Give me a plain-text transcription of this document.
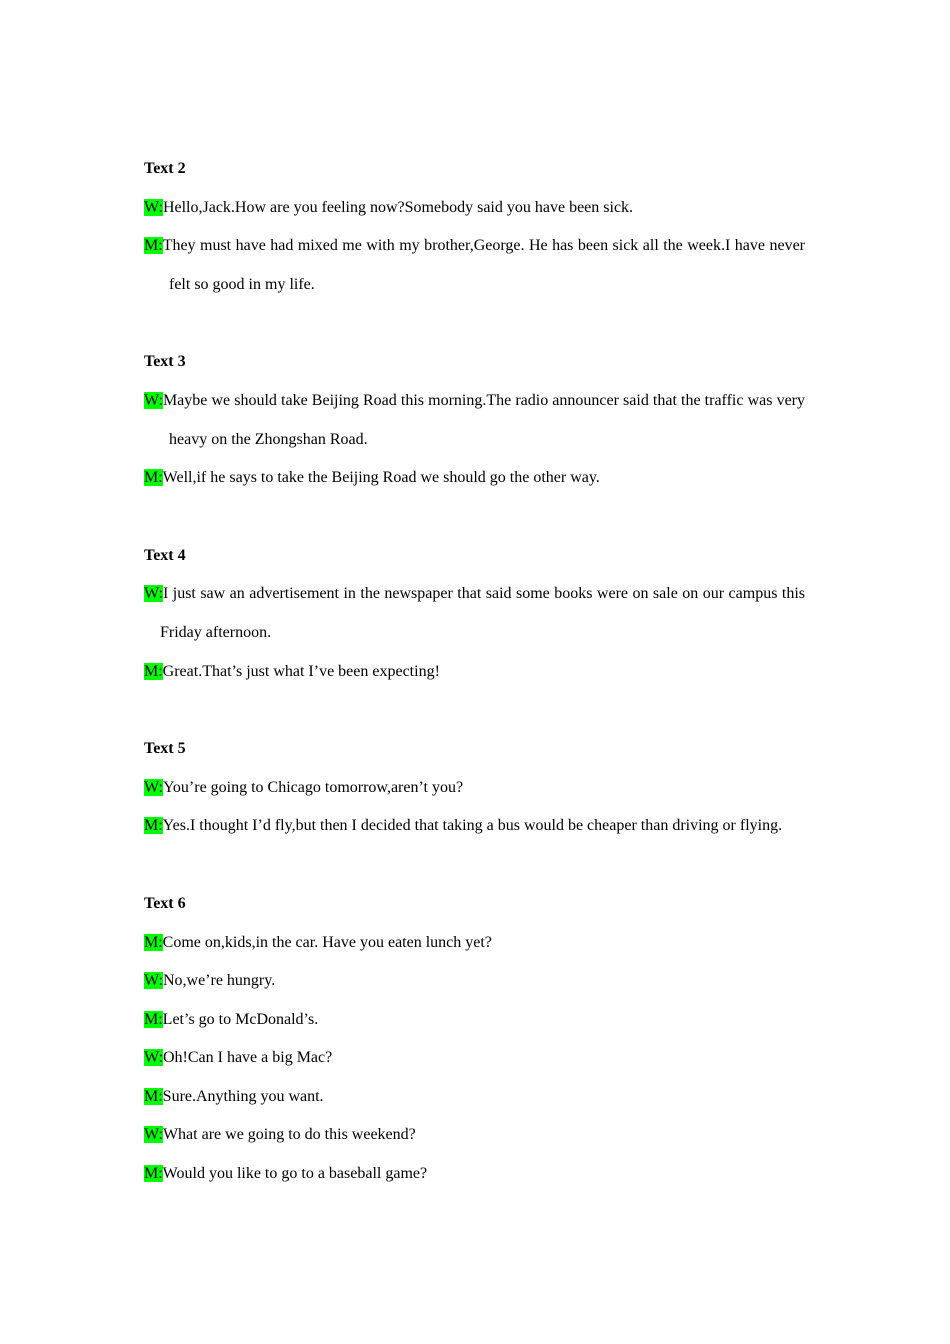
Text 2

W:Hello,Jack.How are you feeling now?Somebody said you have been sick.

M:They must have had mixed me with my brother,George. He has been sick all the week.I have never felt so good in my life.

Text 3

W:Maybe we should take Beijing Road this morning.The radio announcer said that the traffic was very heavy on the Zhongshan Road.

M:Well,if he says to take the Beijing Road we should go the other way.

Text 4

W:I just saw an advertisement in the newspaper that said some books were on sale on our campus this Friday afternoon.

M:Great.That’s just what I’ve been expecting!

Text 5

W:You’re going to Chicago tomorrow,aren’t you?

M:Yes.I thought I’d fly,but then I decided that taking a bus would be cheaper than driving or flying.

Text 6

M:Come on,kids,in the car. Have you eaten lunch yet?

W:No,we’re hungry.

M:Let’s go to McDonald’s.

W:Oh!Can I have a big Mac?

M:Sure.Anything you want.

W:What are we going to do this weekend?

M:Would you like to go to a baseball game?
